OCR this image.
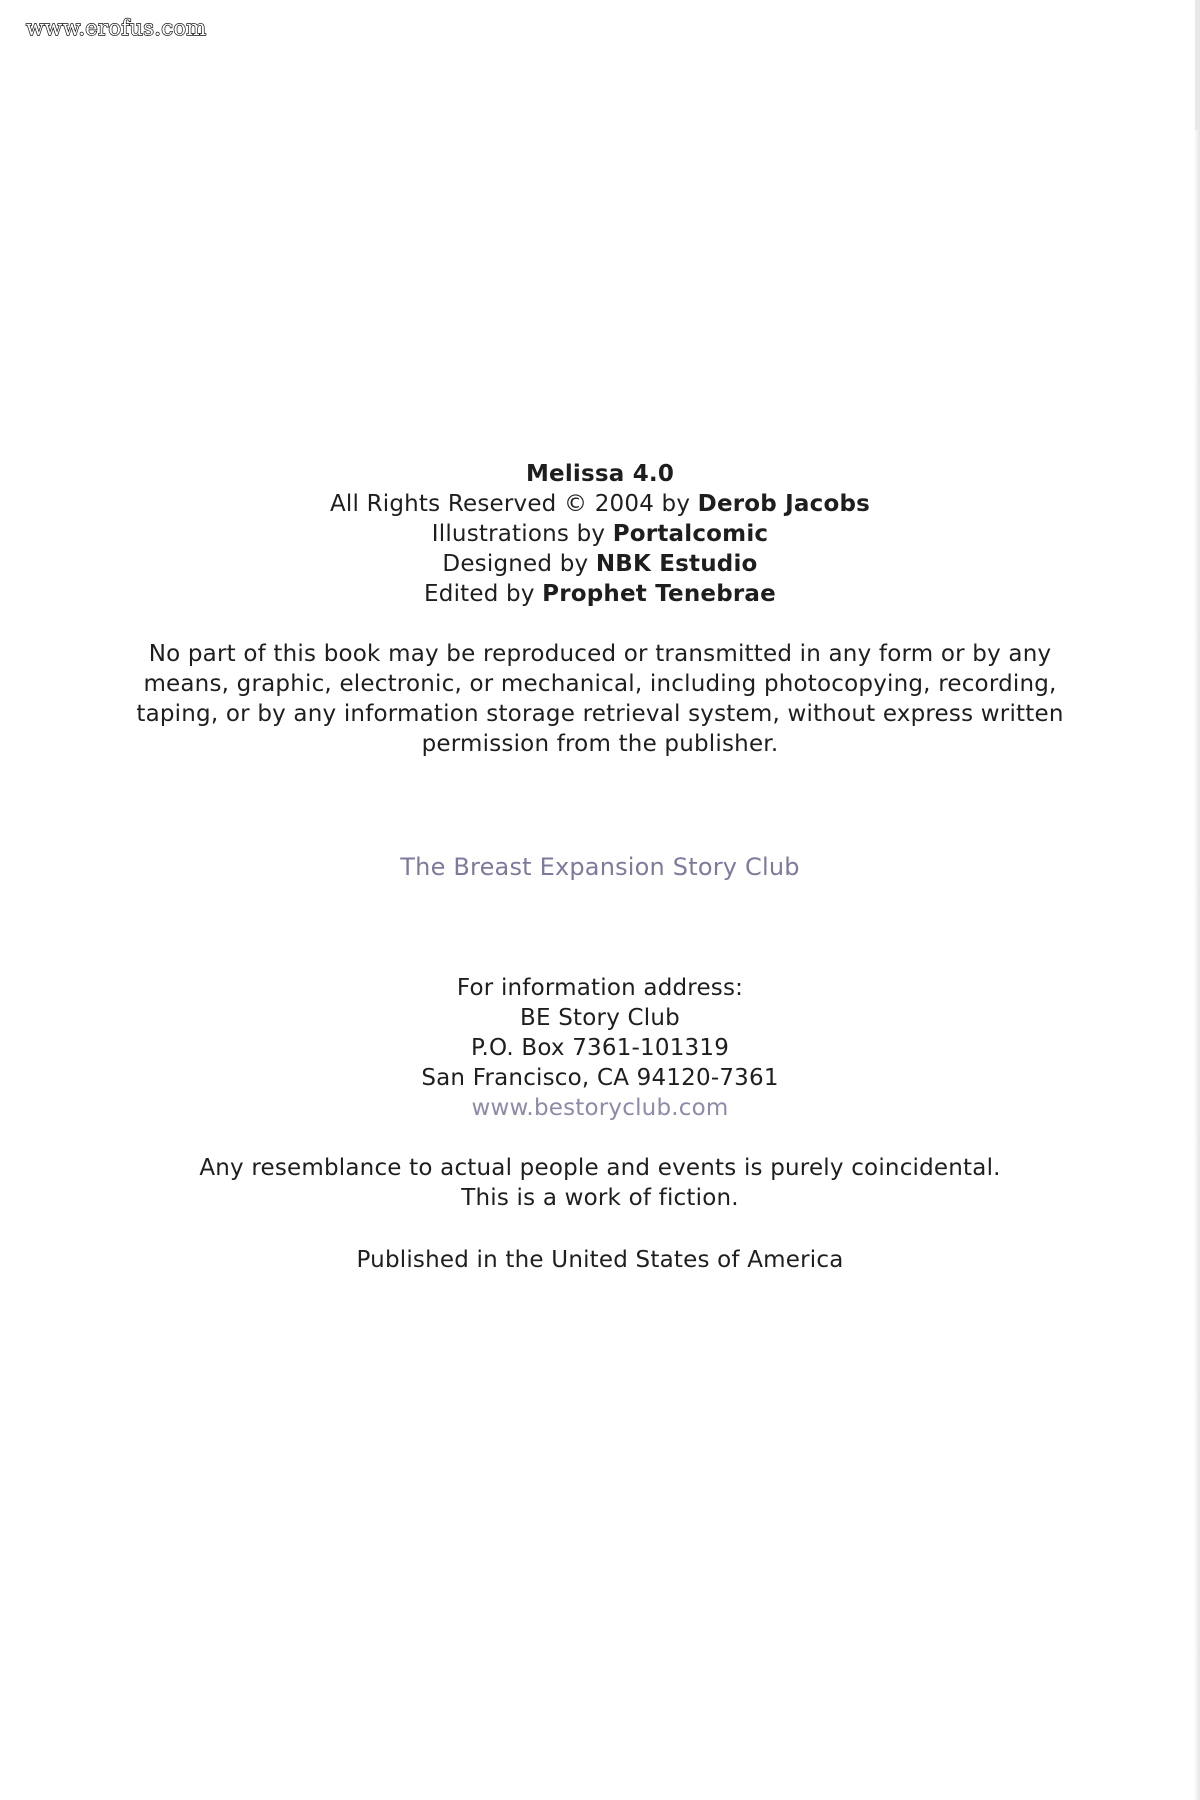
www.erofus.com

Melissa 4.0

All Rights Reserved © 2004 by Derob Jacobs

Illustrations by Portalcomic

Designed by NBK Estudio

Edited by Prophet Tenebrae

No part of this book may be reproduced or transmitted in any form or by any

means, graphic, electronic, or mechanical, including photocopying, recording,

taping, or by any information storage retrieval system, without express written

permission from the publisher.

The Breast Expansion Story Club

For information address:

BE Story Club

P.O. Box 7361-101319

San Francisco, CA 94120-7361

www.bestoryclub.com

Any resemblance to actual people and events is purely coincidental.

This is a work of fiction.

Published in the United States of America
